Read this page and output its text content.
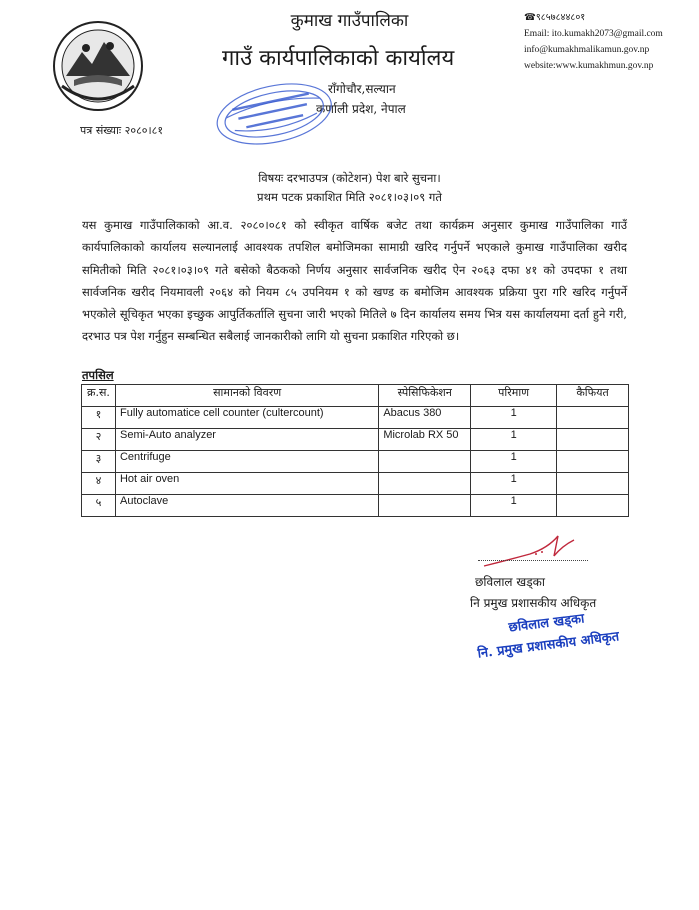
कुमाख गाउँपालिका
गाउँ कार्यपालिकाको कार्यालय
राँगोचौर,सल्यान
कर्णाली प्रदेश, नेपाल
☎९८५७८४४८०१
Email: ito.kumakh2073@gmail.com
info@kumakhmalikamun.gov.np
website:www.kumakhmun.gov.np
पत्र संख्याः २०८०।८१
विषयः दरभाउपत्र (कोटेशन) पेश बारे सुचना।
प्रथम पटक प्रकाशित मिति २०८१।०३।०९ गते
यस कुमाख गाउँपालिकाको आ.व. २०८०।०८१ को स्वीकृत वार्षिक बजेट तथा कार्यक्रम अनुसार कुमाख गाउँपालिका गाउँ कार्यपालिकाको कार्यालय सल्यानलाई आवश्यक तपशिल बमोजिमका सामाग्री खरिद गर्नुपर्ने भएकाले कुमाख गाउँपालिका खरीद समितीको मिति २०८१।०३।०९ गते बसेको बैठकको निर्णय अनुसार सार्वजनिक खरीद ऐन २०६३ दफा ४१ को उपदफा १ तथा सार्वजनिक खरीद नियमावली २०६४ को नियम ८५ उपनियम १ को खण्ड क बमोजिम आवश्यक प्रक्रिया पुरा गरि खरिद गर्नुपर्ने भएकोले सूचिकृत भएका इच्छुक आपुर्तिकर्तालि सुचना जारी भएको मितिले ७ दिन कार्यालय समय भित्र यस कार्यालयमा दर्ता हुने गरी, दरभाउ पत्र पेश गर्नुहुन सम्बन्धित सबैलाई जानकारीको लागि यो सुचना प्रकाशित गरिएको छ।
तपसिल
क्र.स.	सामानको विवरण	स्पेसिफिकेशन	परिमाण	कैफियत
१	Fully automatice cell counter (cultercount)	Abacus 380	1	
२	Semi-Auto analyzer	Microlab RX 50	1	
३	Centrifuge		1	
४	Hot air oven		1	
५	Autoclave		1	
छविलाल खड्का
नि प्रमुख प्रशासकीय अधिकृत
छविलाल खड्का
नि. प्रमुख प्रशासकीय अधिकृत
